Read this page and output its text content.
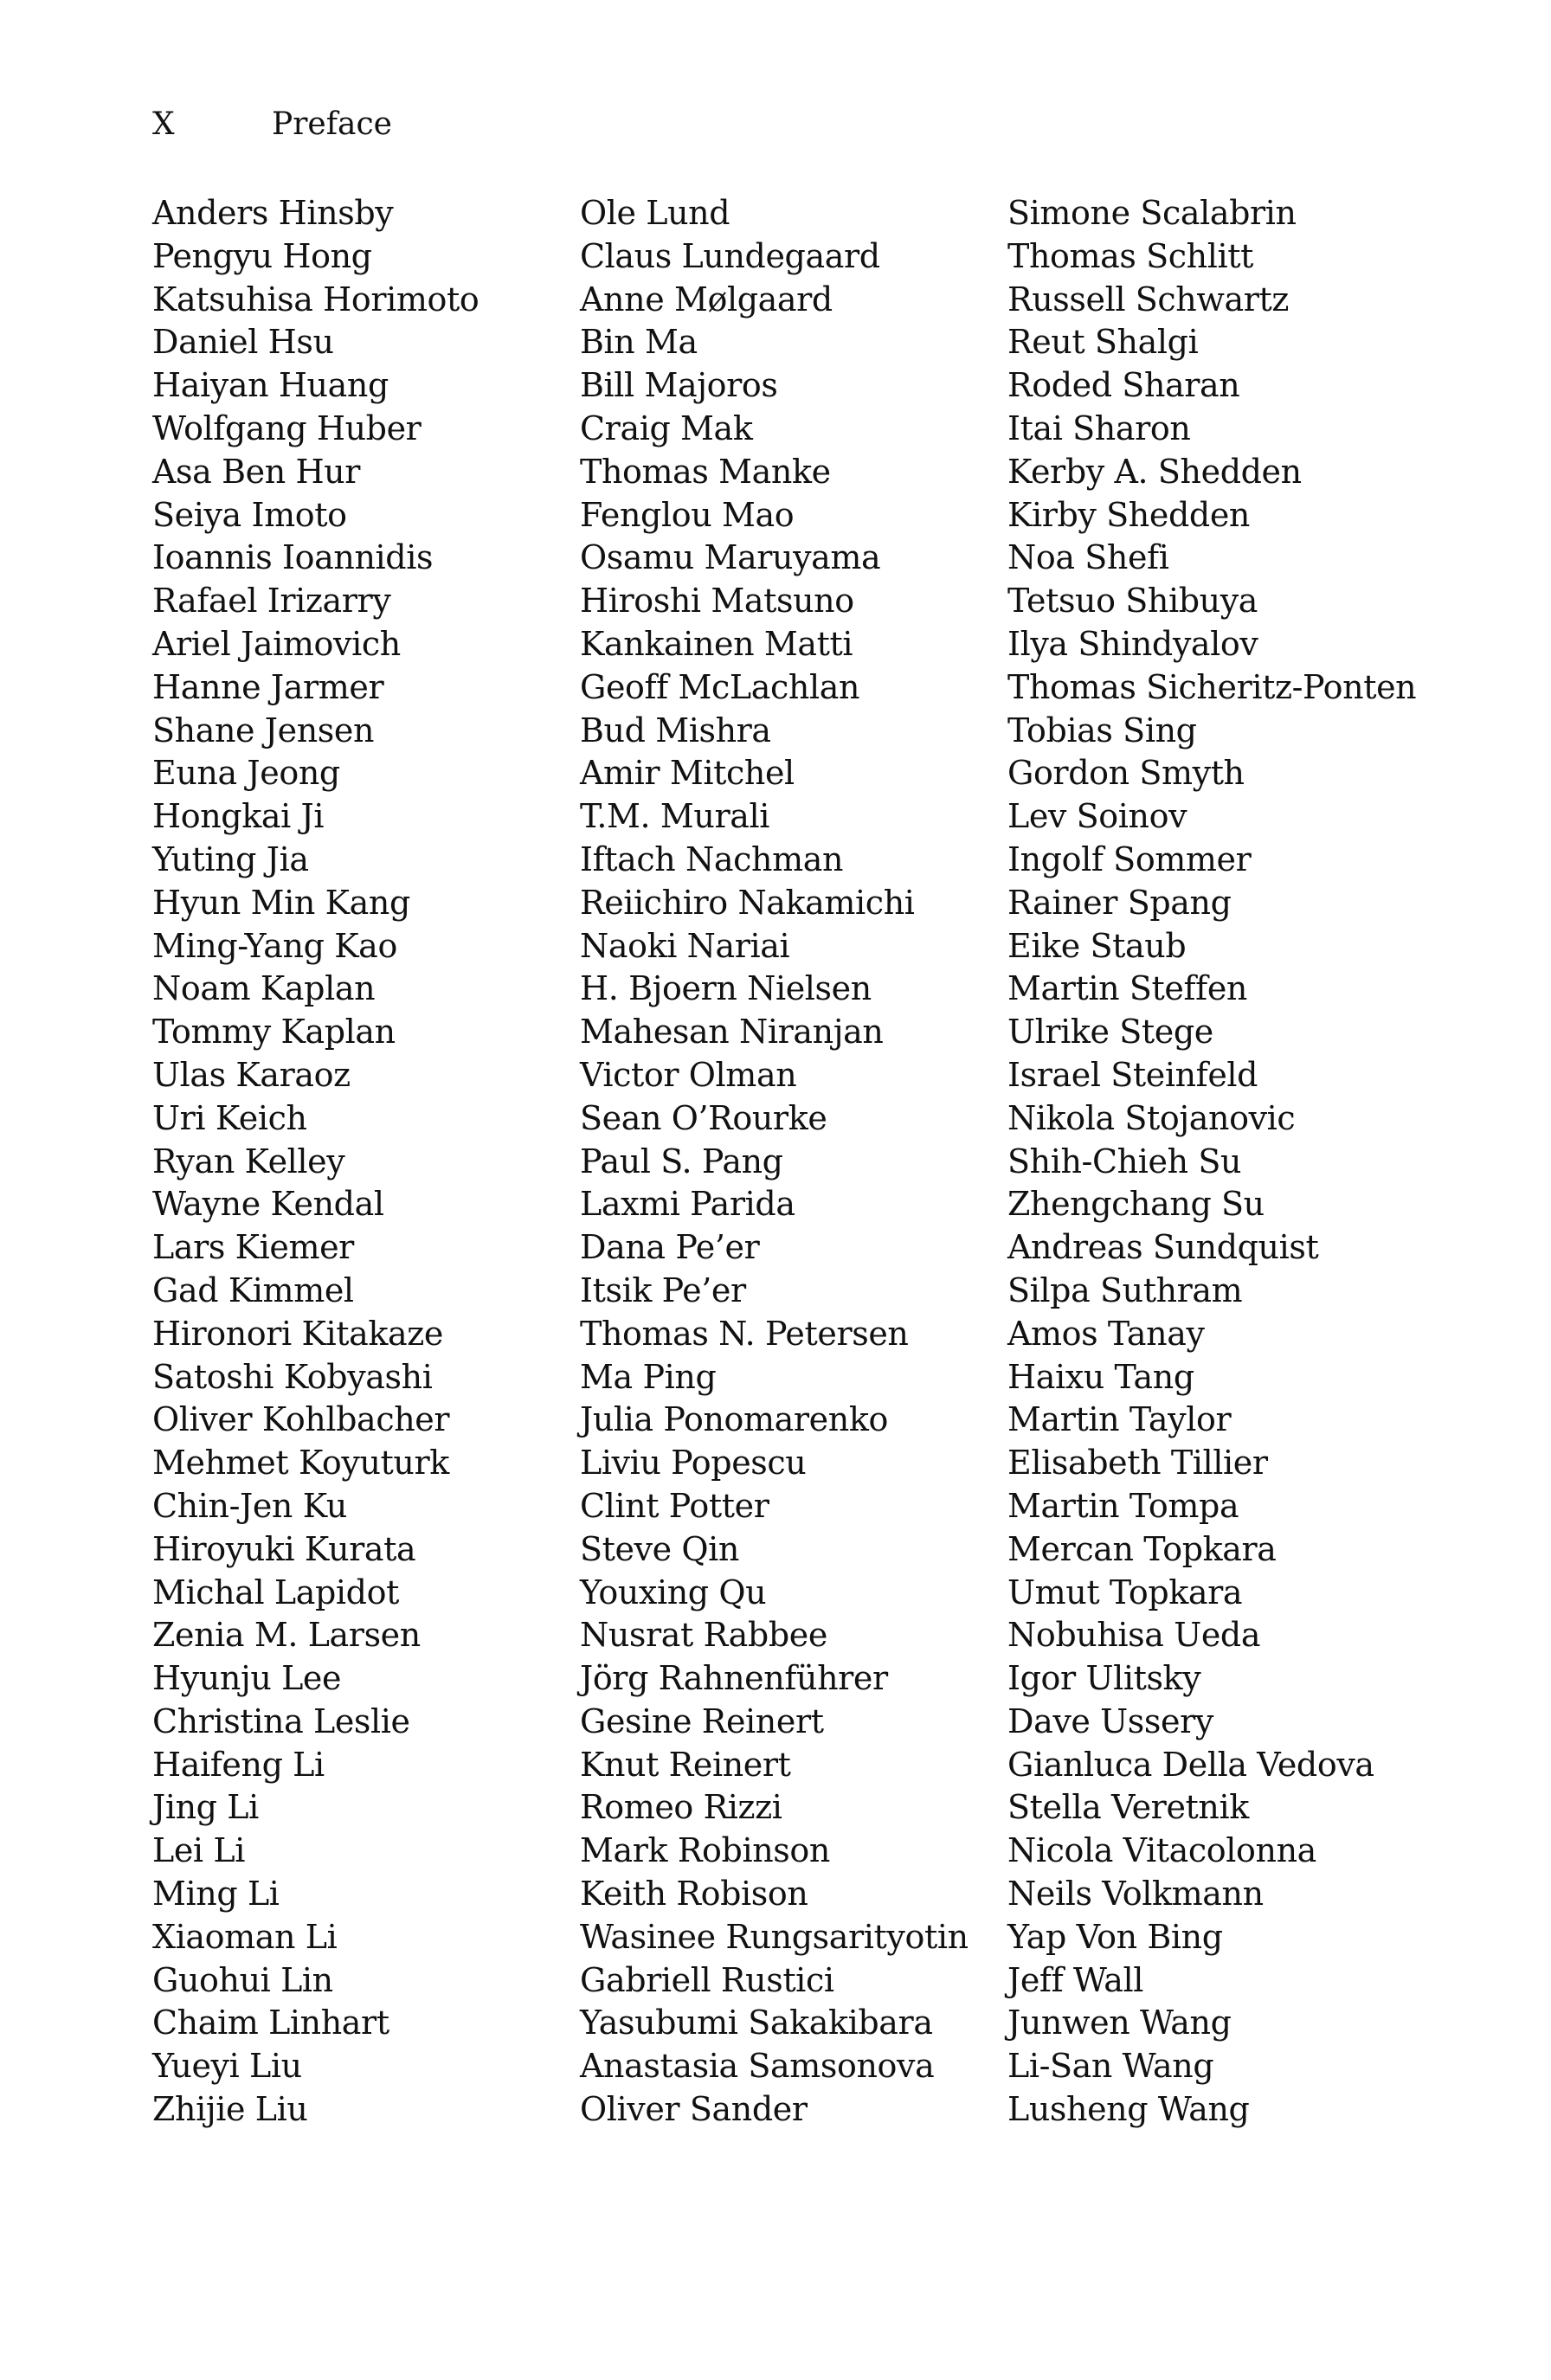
X	Preface
Anders Hinsby
Pengyu Hong
Katsuhisa Horimoto
Daniel Hsu
Haiyan Huang
Wolfgang Huber
Asa Ben Hur
Seiya Imoto
Ioannis Ioannidis
Rafael Irizarry
Ariel Jaimovich
Hanne Jarmer
Shane Jensen
Euna Jeong
Hongkai Ji
Yuting Jia
Hyun Min Kang
Ming-Yang Kao
Noam Kaplan
Tommy Kaplan
Ulas Karaoz
Uri Keich
Ryan Kelley
Wayne Kendal
Lars Kiemer
Gad Kimmel
Hironori Kitakaze
Satoshi Kobyashi
Oliver Kohlbacher
Mehmet Koyuturk
Chin-Jen Ku
Hiroyuki Kurata
Michal Lapidot
Zenia M. Larsen
Hyunju Lee
Christina Leslie
Haifeng Li
Jing Li
Lei Li
Ming Li
Xiaoman Li
Guohui Lin
Chaim Linhart
Yueyi Liu
Zhijie Liu
Ole Lund
Claus Lundegaard
Anne Mølgaard
Bin Ma
Bill Majoros
Craig Mak
Thomas Manke
Fenglou Mao
Osamu Maruyama
Hiroshi Matsuno
Kankainen Matti
Geoff McLachlan
Bud Mishra
Amir Mitchel
T.M. Murali
Iftach Nachman
Reiichiro Nakamichi
Naoki Nariai
H. Bjoern Nielsen
Mahesan Niranjan
Victor Olman
Sean O’Rourke
Paul S. Pang
Laxmi Parida
Dana Pe’er
Itsik Pe’er
Thomas N. Petersen
Ma Ping
Julia Ponomarenko
Liviu Popescu
Clint Potter
Steve Qin
Youxing Qu
Nusrat Rabbee
Jörg Rahnenführer
Gesine Reinert
Knut Reinert
Romeo Rizzi
Mark Robinson
Keith Robison
Wasinee Rungsarityotin
Gabriell Rustici
Yasubumi Sakakibara
Anastasia Samsonova
Oliver Sander
Simone Scalabrin
Thomas Schlitt
Russell Schwartz
Reut Shalgi
Roded Sharan
Itai Sharon
Kerby A. Shedden
Kirby Shedden
Noa Shefi
Tetsuo Shibuya
Ilya Shindyalov
Thomas Sicheritz-Ponten
Tobias Sing
Gordon Smyth
Lev Soinov
Ingolf Sommer
Rainer Spang
Eike Staub
Martin Steffen
Ulrike Stege
Israel Steinfeld
Nikola Stojanovic
Shih-Chieh Su
Zhengchang Su
Andreas Sundquist
Silpa Suthram
Amos Tanay
Haixu Tang
Martin Taylor
Elisabeth Tillier
Martin Tompa
Mercan Topkara
Umut Topkara
Nobuhisa Ueda
Igor Ulitsky
Dave Ussery
Gianluca Della Vedova
Stella Veretnik
Nicola Vitacolonna
Neils Volkmann
Yap Von Bing
Jeff Wall
Junwen Wang
Li-San Wang
Lusheng Wang
